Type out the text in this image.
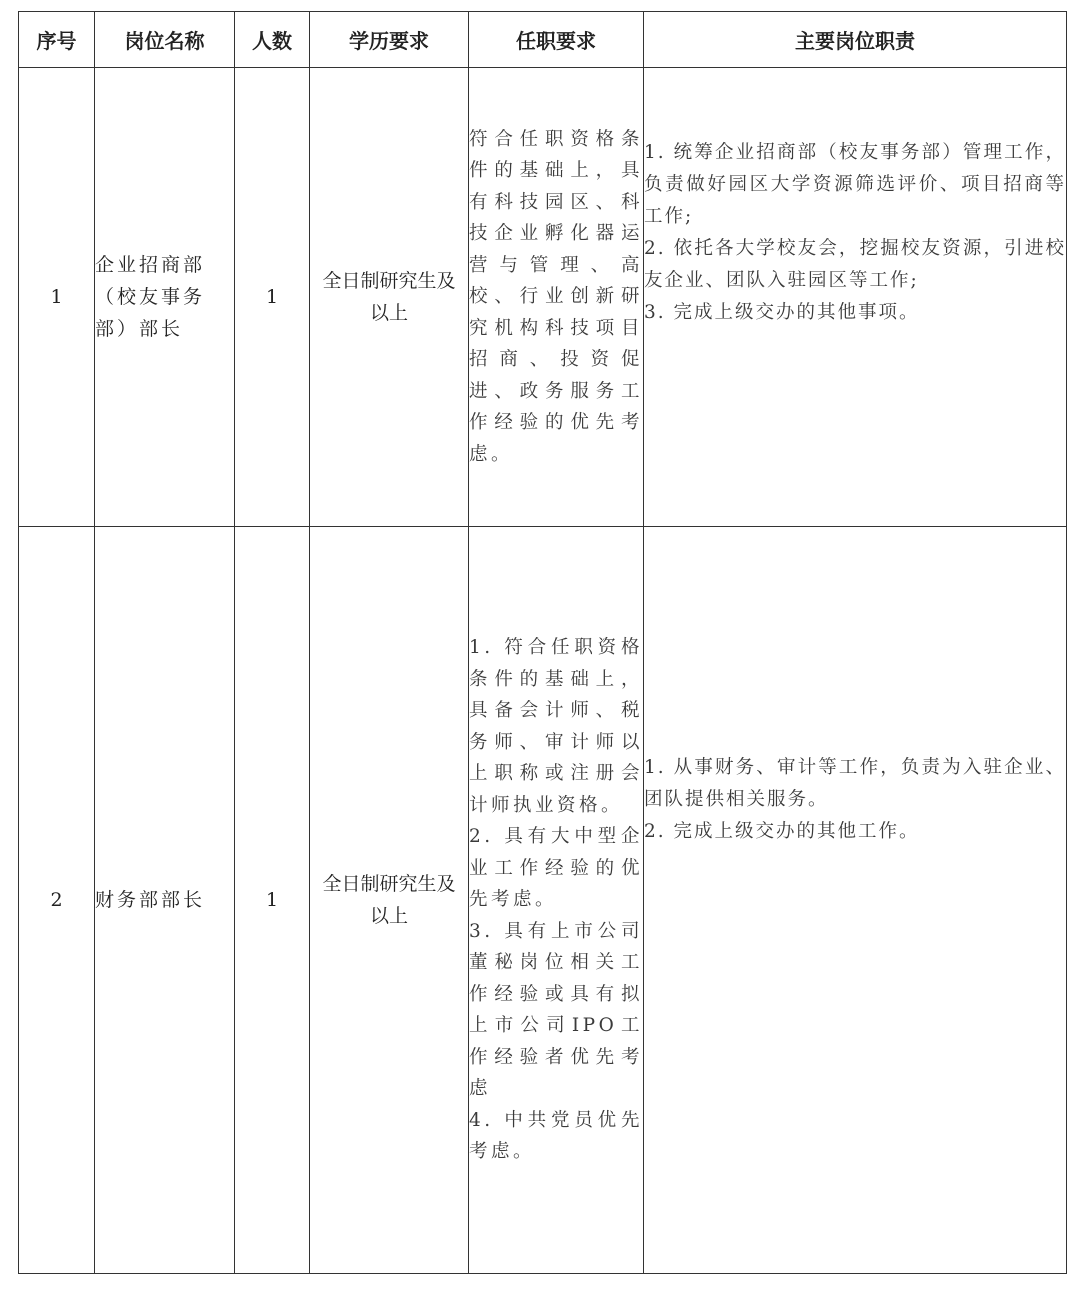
序号	岗位名称	人数	学历要求	任职要求	主要岗位职责
1	企业招商部（校友事务部）部长	1	全日制研究生及以上	符合任职资格条件的基础上，具有科技园区、科技企业孵化器运营与管理、高校、行业创新研究机构科技项目招商、投资促进、政务服务工作经验的优先考虑。	1. 统筹企业招商部（校友事务部）管理工作，负责做好园区大学资源筛选评价、项目招商等工作;
2. 依托各大学校友会，挖掘校友资源，引进校友企业、团队入驻园区等工作;
3. 完成上级交办的其他事项。

2	财务部部长	1	全日制研究生及以上	1. 符合任职资格条件的基础上，具备会计师、税务师、审计师以上职称或注册会计师执业资格。
2. 具有大中型企业工作经验的优先考虑。
3. 具有上市公司董秘岗位相关工作经验或具有拟上市公司IPO工作经验者优先考虑
4. 中共党员优先考虑。	1. 从事财务、审计等工作，负责为入驻企业、团队提供相关服务。
2. 完成上级交办的其他工作。
